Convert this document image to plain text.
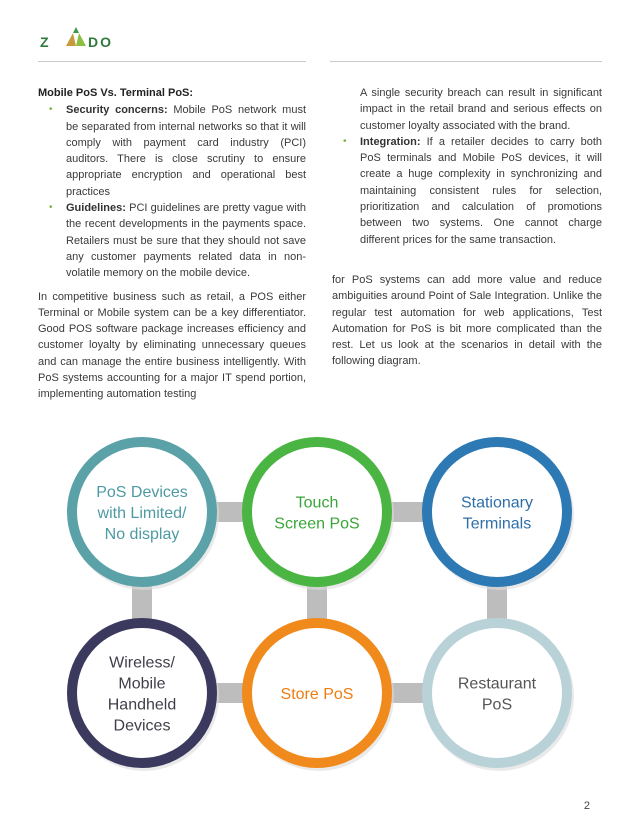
Z	DO

Mobile PoS Vs. Terminal PoS:

• Security concerns: Mobile PoS network must be separated from internal networks so that it will comply with payment card industry (PCI) auditors. There is close scrutiny to ensure appropriate encryption and operational best practices
• Guidelines: PCI guidelines are pretty vague with the recent developments in the payments space. Retailers must be sure that they should not save any customer payments related data in non-volatile memory on the mobile device.

In competitive business such as retail, a POS either Terminal or Mobile system can be a key differentiator. Good POS software package increases efficiency and customer loyalty by eliminating unnecessary queues and can manage the entire business intelligently. With PoS systems accounting for a major IT spend portion, implementing automation testing

A single security breach can result in significant impact in the retail brand and serious effects on customer loyalty associated with the brand.

• Integration: If a retailer decides to carry both PoS terminals and Mobile PoS devices, it will create a huge complexity in synchronizing and maintaining consistent rules for selection, prioritization and calculation of promotions between two systems. One cannot charge different prices for the same transaction.

for PoS systems can add more value and reduce ambiguities around Point of Sale Integration. Unlike the regular test automation for web applications, Test Automation for PoS is bit more complicated than the rest. Let us look at the scenarios in detail with the following diagram.

PoS Devices
with Limited/
No display
Touch
Screen PoS
Stationary
Terminals
Wireless/
Mobile
Handheld
Devices
Store PoS
Restaurant
PoS
2
